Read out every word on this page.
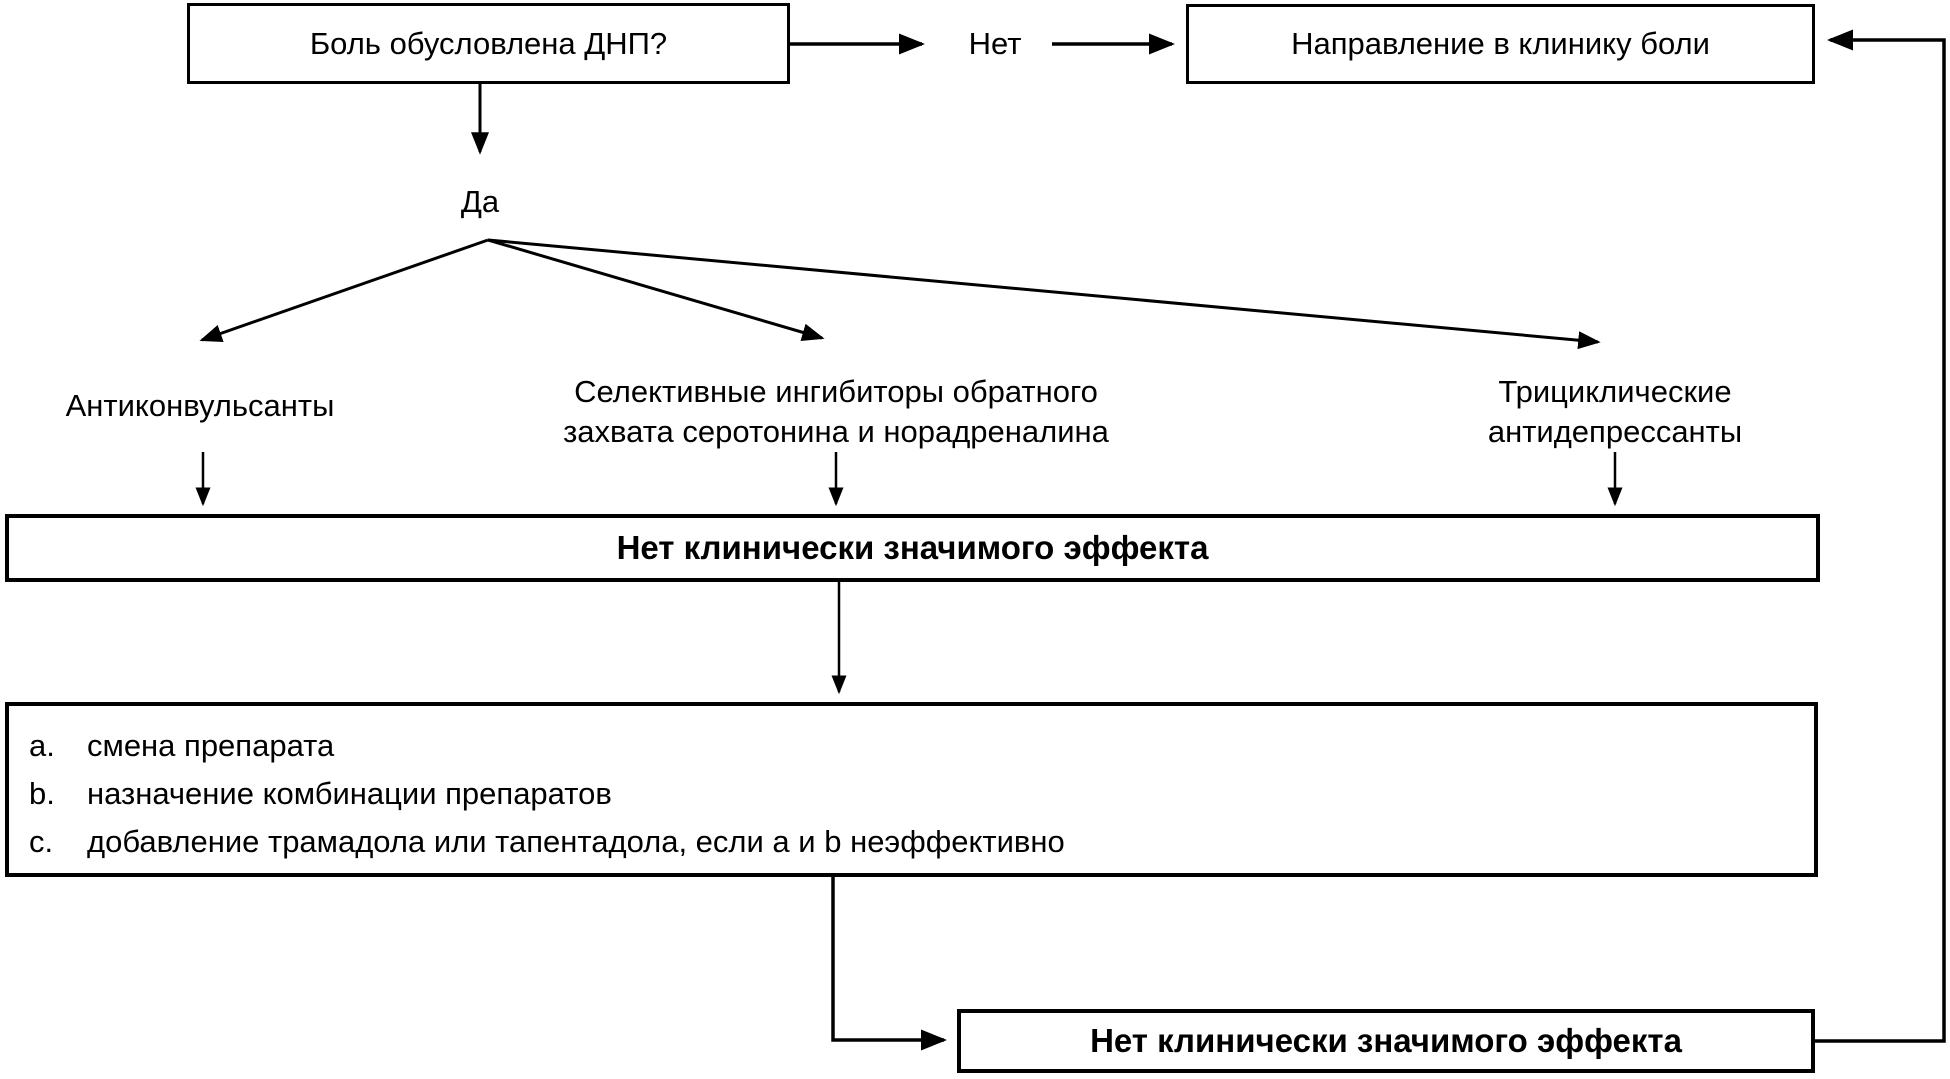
Боль обусловлена ДНП?	Нет	Направление в клинику боли
Да
Антиконвульсанты	Селективные ингибиторы обратного
захвата серотонина и норадреналина
Трициклические
антидепрессанты
Нет клинически значимого эффекта
a.	смена препарата
b.	назначение комбинации препаратов
c.	добавление трамадола или тапентадола, если a и b неэффективно
Нет клинически значимого эффекта
